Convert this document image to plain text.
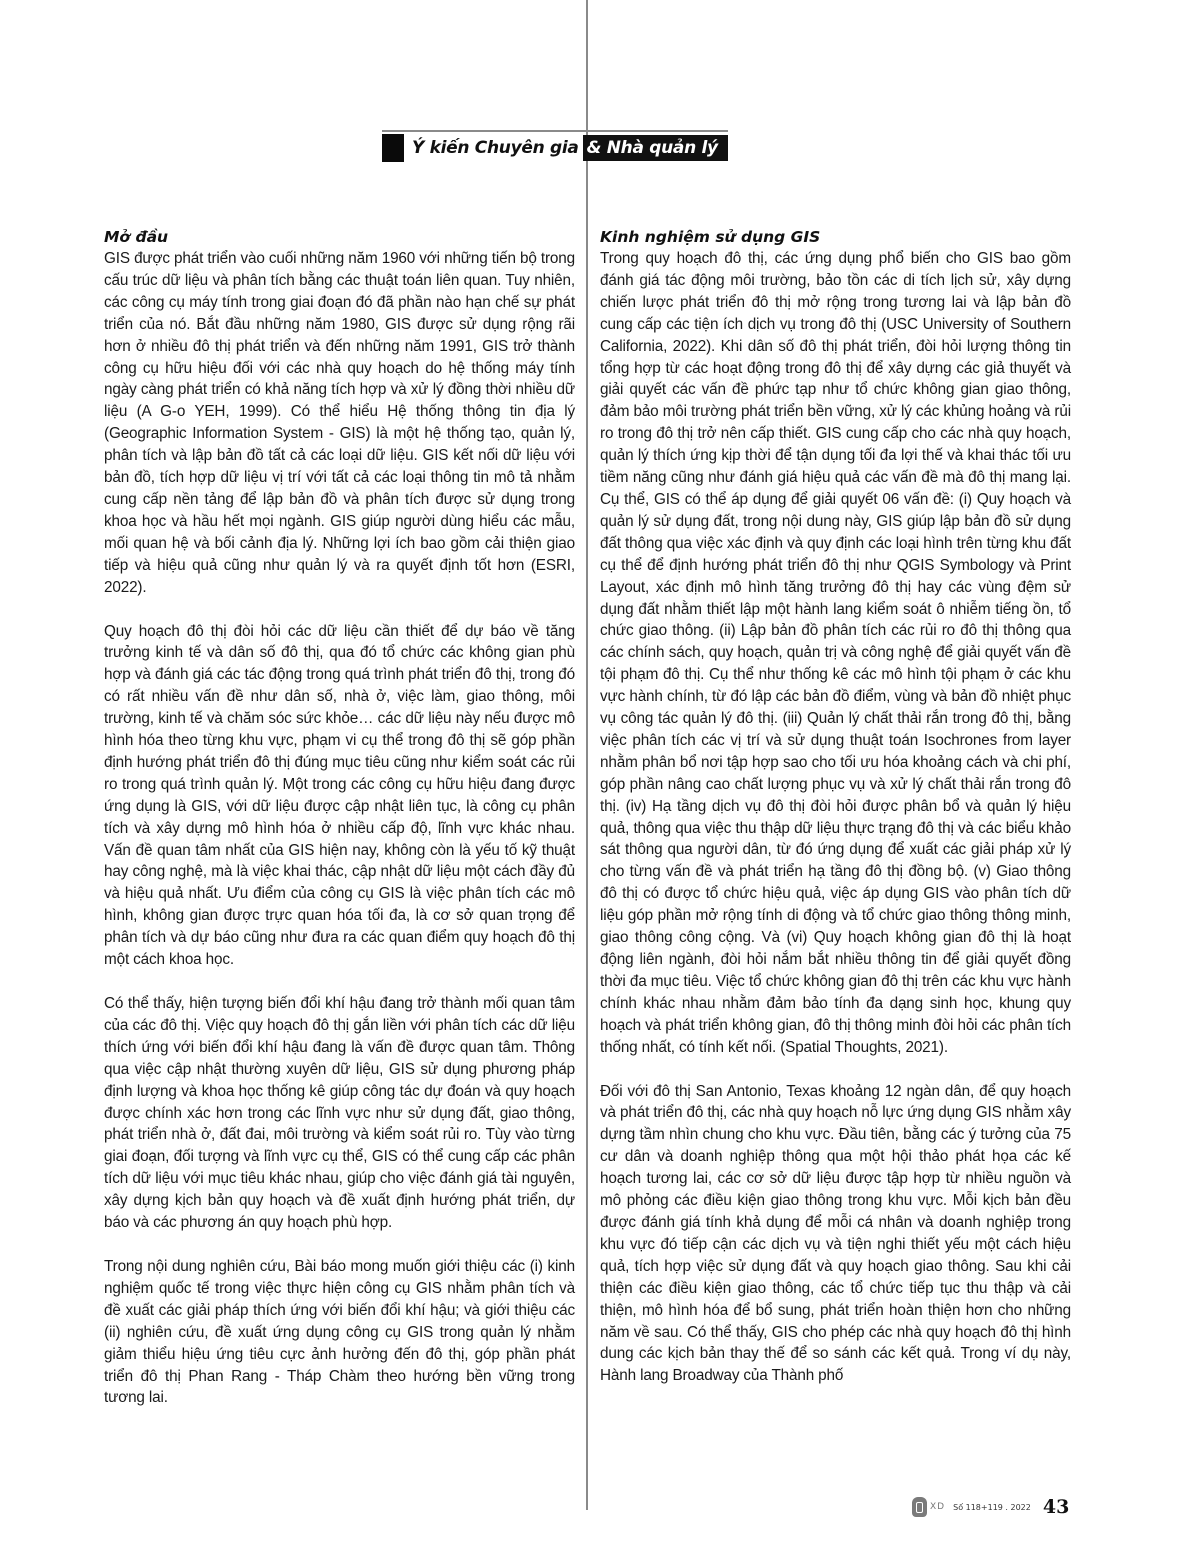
Ý kiến Chuyên gia & Nhà quản lý
Mở đầu

GIS được phát triển vào cuối những năm 1960 với những tiến bộ trong cấu trúc dữ liệu và phân tích bằng các thuật toán liên quan. Tuy nhiên, các công cụ máy tính trong giai đoạn đó đã phần nào hạn chế sự phát triển của nó. Bắt đầu những năm 1980, GIS được sử dụng rộng rãi hơn ở nhiều đô thị phát triển và đến những năm 1991, GIS trở thành công cụ hữu hiệu đối với các nhà quy hoạch do hệ thống máy tính ngày càng phát triển có khả năng tích hợp và xử lý đồng thời nhiều dữ liệu (A G-o YEH, 1999). Có thể hiểu Hệ thống thông tin địa lý (Geographic Information System - GIS) là một hệ thống tạo, quản lý, phân tích và lập bản đồ tất cả các loại dữ liệu. GIS kết nối dữ liệu với bản đồ, tích hợp dữ liệu vị trí với tất cả các loại thông tin mô tả nhằm cung cấp nền tảng để lập bản đồ và phân tích được sử dụng trong khoa học và hầu hết mọi ngành. GIS giúp người dùng hiểu các mẫu, mối quan hệ và bối cảnh địa lý. Những lợi ích bao gồm cải thiện giao tiếp và hiệu quả cũng như quản lý và ra quyết định tốt hơn (ESRI, 2022).

Quy hoạch đô thị đòi hỏi các dữ liệu cần thiết để dự báo về tăng trưởng kinh tế và dân số đô thị, qua đó tổ chức các không gian phù hợp và đánh giá các tác động trong quá trình phát triển đô thị, trong đó có rất nhiều vấn đề như dân số, nhà ở, việc làm, giao thông, môi trường, kinh tế và chăm sóc sức khỏe… các dữ liệu này nếu được mô hình hóa theo từng khu vực, phạm vi cụ thể trong đô thị sẽ góp phần định hướng phát triển đô thị đúng mục tiêu cũng như kiểm soát các rủi ro trong quá trình quản lý. Một trong các công cụ hữu hiệu đang được ứng dụng là GIS, với dữ liệu được cập nhật liên tục, là công cụ phân tích và xây dựng mô hình hóa ở nhiều cấp độ, lĩnh vực khác nhau. Vấn đề quan tâm nhất của GIS hiện nay, không còn là yếu tố kỹ thuật hay công nghệ, mà là việc khai thác, cập nhật dữ liệu một cách đầy đủ và hiệu quả nhất. Ưu điểm của công cụ GIS là việc phân tích các mô hình, không gian được trực quan hóa tối đa, là cơ sở quan trọng để phân tích và dự báo cũng như đưa ra các quan điểm quy hoạch đô thị một cách khoa học.

Có thể thấy, hiện tượng biến đổi khí hậu đang trở thành mối quan tâm của các đô thị. Việc quy hoạch đô thị gắn liền với phân tích các dữ liệu thích ứng với biến đổi khí hậu đang là vấn đề được quan tâm. Thông qua việc cập nhật thường xuyên dữ liệu, GIS sử dụng phương pháp định lượng và khoa học thống kê giúp công tác dự đoán và quy hoạch được chính xác hơn trong các lĩnh vực như sử dụng đất, giao thông, phát triển nhà ở, đất đai, môi trường và kiểm soát rủi ro. Tùy vào từng giai đoạn, đối tượng và lĩnh vực cụ thể, GIS có thể cung cấp các phân tích dữ liệu với mục tiêu khác nhau, giúp cho việc đánh giá tài nguyên, xây dựng kịch bản quy hoạch và đề xuất định hướng phát triển, dự báo và các phương án quy hoạch phù hợp.

Trong nội dung nghiên cứu, Bài báo mong muốn giới thiệu các (i) kinh nghiệm quốc tế trong việc thực hiện công cụ GIS nhằm phân tích và đề xuất các giải pháp thích ứng với biến đổi khí hậu; và giới thiệu các (ii) nghiên cứu, đề xuất ứng dụng công cụ GIS trong quản lý nhằm giảm thiểu hiệu ứng tiêu cực ảnh hưởng đến đô thị, góp phần phát triển đô thị Phan Rang - Tháp Chàm theo hướng bền vững trong tương lai.

Kinh nghiệm sử dụng GIS

Trong quy hoạch đô thị, các ứng dụng phổ biến cho GIS bao gồm đánh giá tác động môi trường, bảo tồn các di tích lịch sử, xây dựng chiến lược phát triển đô thị mở rộng trong tương lai và lập bản đồ cung cấp các tiện ích dịch vụ trong đô thị (USC University of Southern California, 2022). Khi dân số đô thị phát triển, đòi hỏi lượng thông tin tổng hợp từ các hoạt động trong đô thị để xây dựng các giả thuyết và giải quyết các vấn đề phức tạp như tổ chức không gian giao thông, đảm bảo môi trường phát triển bền vững, xử lý các khủng hoảng và rủi ro trong đô thị trở nên cấp thiết. GIS cung cấp cho các nhà quy hoạch, quản lý thích ứng kịp thời để tận dụng tối đa lợi thế và khai thác tối ưu tiềm năng cũng như đánh giá hiệu quả các vấn đề mà đô thị mang lại. Cụ thể, GIS có thể áp dụng để giải quyết 06 vấn đề: (i) Quy hoạch và quản lý sử dụng đất, trong nội dung này, GIS giúp lập bản đồ sử dụng đất thông qua việc xác định và quy định các loại hình trên từng khu đất cụ thể để định hướng phát triển đô thị như QGIS Symbology và Print Layout, xác định mô hình tăng trưởng đô thị hay các vùng đệm sử dụng đất nhằm thiết lập một hành lang kiểm soát ô nhiễm tiếng ồn, tổ chức giao thông. (ii) Lập bản đồ phân tích các rủi ro đô thị thông qua các chính sách, quy hoạch, quản trị và công nghệ để giải quyết vấn đề tội phạm đô thị. Cụ thể như thống kê các mô hình tội phạm ở các khu vực hành chính, từ đó lập các bản đồ điểm, vùng và bản đồ nhiệt phục vụ công tác quản lý đô thị. (iii) Quản lý chất thải rắn trong đô thị, bằng việc phân tích các vị trí và sử dụng thuật toán Isochrones from layer nhằm phân bổ nơi tập hợp sao cho tối ưu hóa khoảng cách và chi phí, góp phần nâng cao chất lượng phục vụ và xử lý chất thải rắn trong đô thị. (iv) Hạ tầng dịch vụ đô thị đòi hỏi được phân bổ và quản lý hiệu quả, thông qua việc thu thập dữ liệu thực trạng đô thị và các biểu khảo sát thông qua người dân, từ đó ứng dụng để xuất các giải pháp xử lý cho từng vấn đề và phát triển hạ tầng đô thị đồng bộ. (v) Giao thông đô thị có được tổ chức hiệu quả, việc áp dụng GIS vào phân tích dữ liệu góp phần mở rộng tính di động và tổ chức giao thông thông minh, giao thông công cộng. Và (vi) Quy hoạch không gian đô thị là hoạt động liên ngành, đòi hỏi nắm bắt nhiều thông tin để giải quyết đồng thời đa mục tiêu. Việc tổ chức không gian đô thị trên các khu vực hành chính khác nhau nhằm đảm bảo tính đa dạng sinh học, khung quy hoạch và phát triển không gian, đô thị thông minh đòi hỏi các phân tích thống nhất, có tính kết nối. (Spatial Thoughts, 2021).

Đối với đô thị San Antonio, Texas khoảng 12 ngàn dân, để quy hoạch và phát triển đô thị, các nhà quy hoạch nỗ lực ứng dụng GIS nhằm xây dựng tầm nhìn chung cho khu vực. Đầu tiên, bằng các ý tưởng của 75 cư dân và doanh nghiệp thông qua một hội thảo phát họa các kế hoạch tương lai, các cơ sở dữ liệu được tập hợp từ nhiều nguồn và mô phỏng các điều kiện giao thông trong khu vực. Mỗi kịch bản đều được đánh giá tính khả dụng để mỗi cá nhân và doanh nghiệp trong khu vực đó tiếp cận các dịch vụ và tiện nghi thiết yếu một cách hiệu quả, tích hợp việc sử dụng đất và quy hoạch giao thông. Sau khi cải thiện các điều kiện giao thông, các tổ chức tiếp tục thu thập và cải thiện, mô hình hóa để bổ sung, phát triển hoàn thiện hơn cho những năm về sau. Có thể thấy, GIS cho phép các nhà quy hoạch đô thị hình dung các kịch bản thay thế để so sánh các kết quả. Trong ví dụ này, Hành lang Broadway của Thành phố

XD Số 118+119 . 2022 43
